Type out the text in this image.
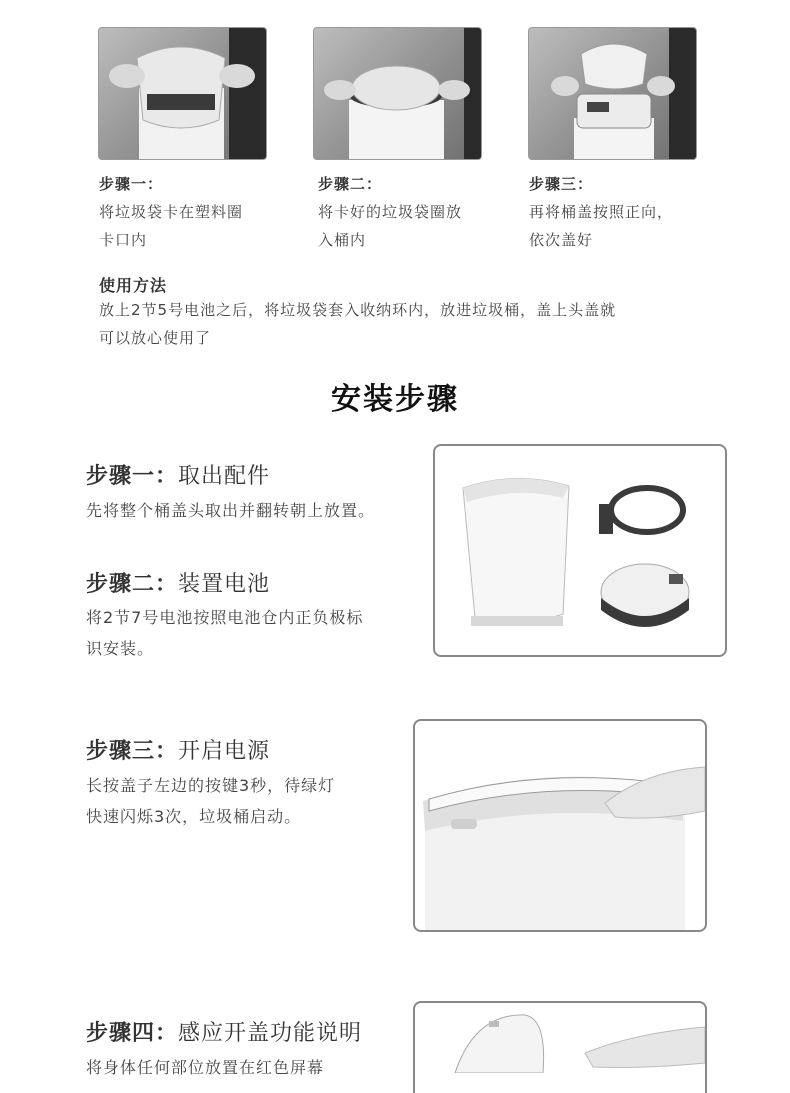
步骤一：
将垃圾袋卡在塑料圈
卡口内
步骤二：
将卡好的垃圾袋圈放
入桶内
步骤三：
再将桶盖按照正向，
依次盖好
使用方法
放上2节5号电池之后，将垃圾袋套入收纳环内，放进垃圾桶，盖上头盖就
可以放心使用了
安装步骤
步骤一：取出配件
先将整个桶盖头取出并翻转朝上放置。
步骤二：装置电池
将2节7号电池按照电池仓内正负极标
识安装。
步骤三：开启电源
长按盖子左边的按键3秒，待绿灯
快速闪烁3次，垃圾桶启动。
步骤四：感应开盖功能说明
将身体任何部位放置在红色屏幕
